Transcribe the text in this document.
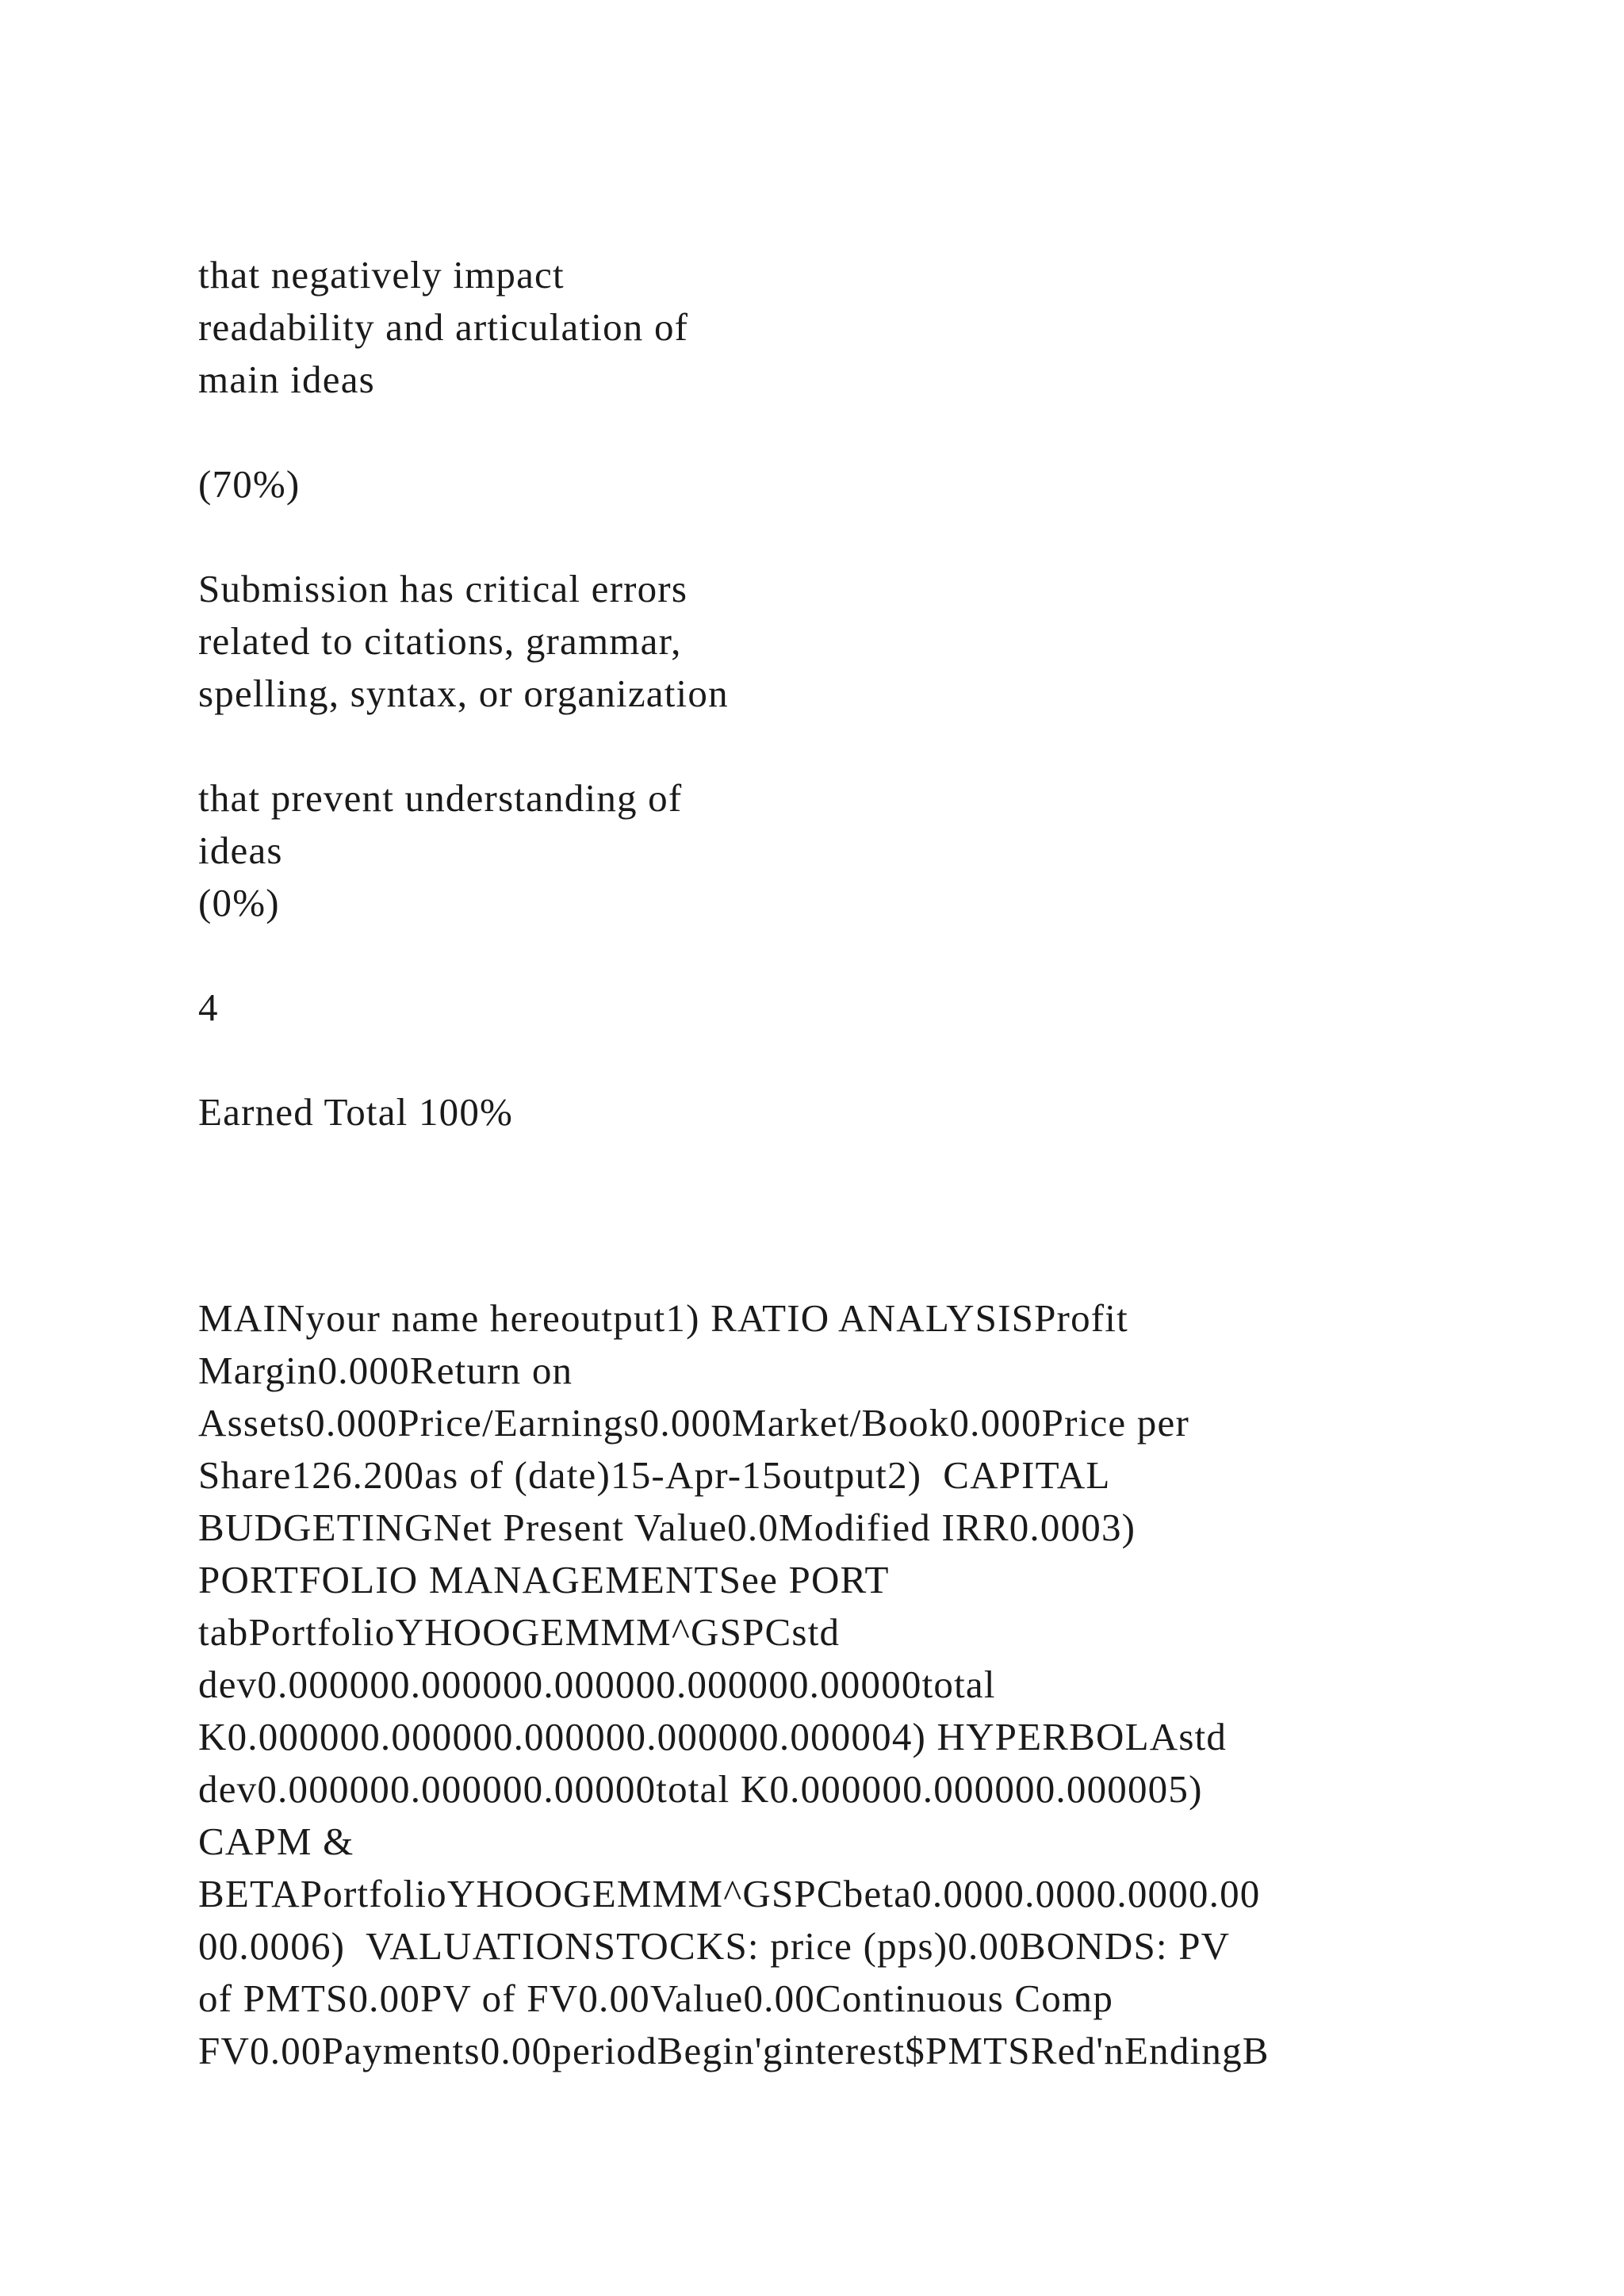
that negatively impact

readability and articulation of

main ideas

(70%)

Submission has critical errors

related to citations, grammar,

spelling, syntax, or organization

that prevent understanding of

ideas

(0%)

4

Earned Total 100%

MAINyour name hereoutput1) RATIO ANALYSISProfit

Margin0.000Return on

Assets0.000Price/Earnings0.000Market/Book0.000Price per

Share126.200as of (date)15-Apr-15output2)  CAPITAL

BUDGETINGNet Present Value0.0Modified IRR0.0003)

PORTFOLIO MANAGEMENTSee PORT

tabPortfolioYHOOGEMMM^GSPCstd

dev0.000000.000000.000000.000000.00000total

K0.000000.000000.000000.000000.000004) HYPERBOLAstd

dev0.000000.000000.00000total K0.000000.000000.000005)

CAPM &

BETAPortfolioYHOOGEMMM^GSPCbeta0.0000.0000.0000.00

00.0006)  VALUATIONSTOCKS: price (pps)0.00BONDS: PV

of PMTS0.00PV of FV0.00Value0.00Continuous Comp

FV0.00Payments0.00periodBegin'ginterest$PMTSRed'nEndingB
